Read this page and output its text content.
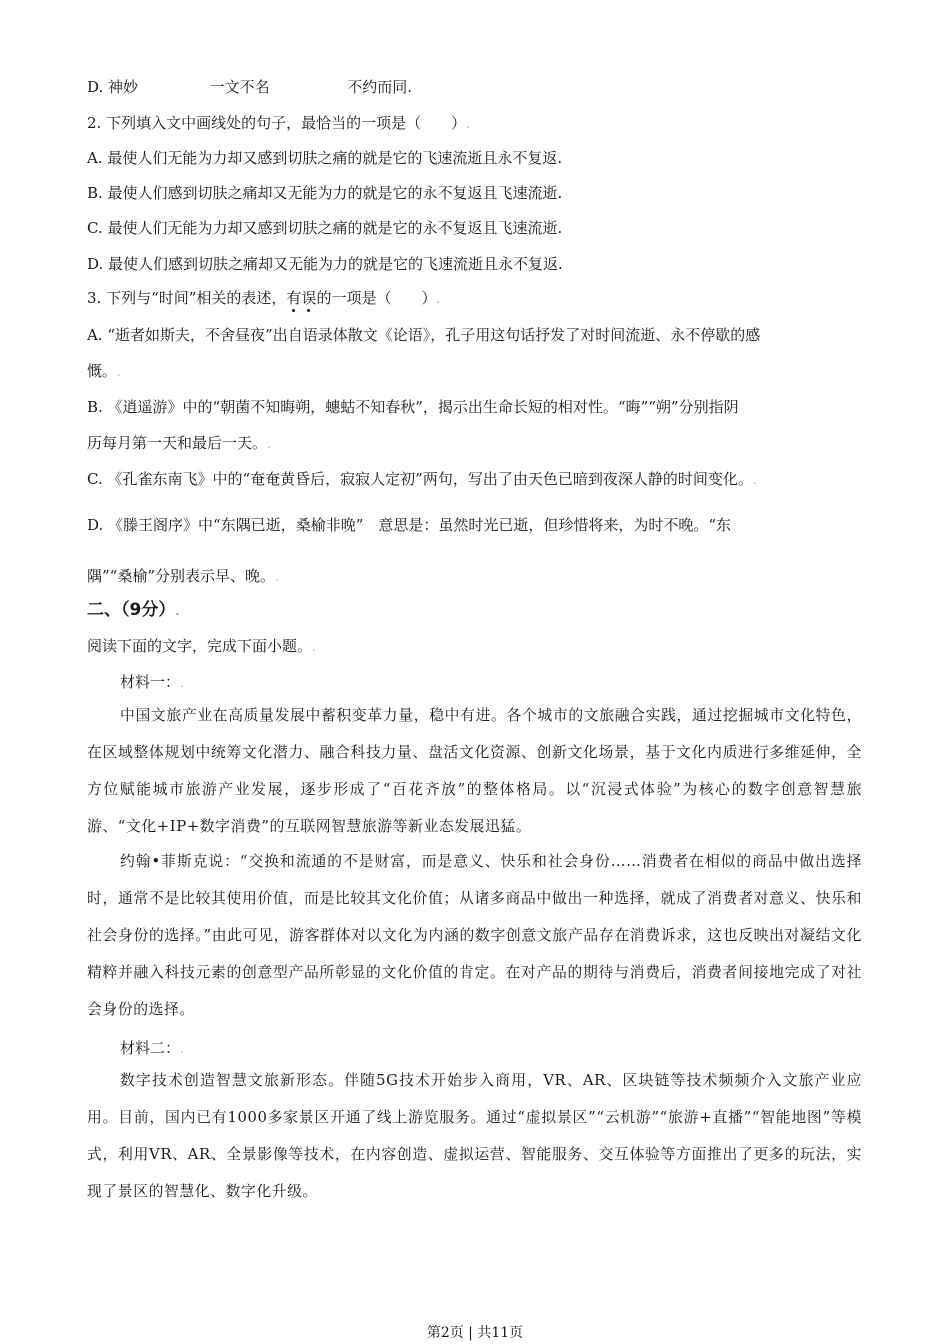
D. 神妙	一文不名	不约而同.
2. 下列填入文中画线处的句子，最恰当的一项是（　　）.
A. 最使人们无能为力却又感到切肤之痛的就是它的飞速流逝且永不复返.
B. 最使人们感到切肤之痛却又无能为力的就是它的永不复返且飞速流逝.
C. 最使人们无能为力却又感到切肤之痛的就是它的永不复返且飞速流逝.
D. 最使人们感到切肤之痛却又无能为力的就是它的飞速流逝且永不复返.
3. 下列与“时间”相关的表述，有误的一项是（　　）.
A. “逝者如斯夫，不舍昼夜”出自语录体散文《论语》，孔子用这句话抒发了对时间流逝、永不停歇的感
慨。.
B. 《逍遥游》中的“朝菌不知晦朔，蟪蛄不知春秋”，揭示出生命长短的相对性。“晦”“朔”分别指阴
历每月第一天和最后一天。.
C. 《孔雀东南飞》中的“奄奄黄昏后，寂寂人定初”两句，写出了由天色已暗到夜深人静的时间变化。.
D. 《滕王阁序》中“东隅已逝，桑榆非晚”　意思是：虽然时光已逝，但珍惜将来，为时不晚。“东
隅”“桑榆”分别表示早、晚。.
二、（9分）.
阅读下面的文字，完成下面小题。.
材料一：.
中国文旅产业在高质量发展中蓄积变革力量，稳中有进。各个城市的文旅融合实践，通过挖掘城市文化特色，在区域整体规划中统筹文化潜力、融合科技力量、盘活文化资源、创新文化场景，基于文化内质进行多维延伸，全方位赋能城市旅游产业发展，逐步形成了“百花齐放”的整体格局。以“沉浸式体验”为核心的数字创意智慧旅游、“文化+IP+数字消费”的互联网智慧旅游等新业态发展迅猛。
约翰•菲斯克说：“交换和流通的不是财富，而是意义、快乐和社会身份……消费者在相似的商品中做出选择时，通常不是比较其使用价值，而是比较其文化价值；从诸多商品中做出一种选择，就成了消费者对意义、快乐和社会身份的选择。”由此可见，游客群体对以文化为内涵的数字创意文旅产品存在消费诉求，这也反映出对凝结文化精粹并融入科技元素的创意型产品所彰显的文化价值的肯定。在对产品的期待与消费后，消费者间接地完成了对社会身份的选择。
材料二：.
数字技术创造智慧文旅新形态。伴随5G技术开始步入商用，VR、AR、区块链等技术频频介入文旅产业应用。目前，国内已有1000多家景区开通了线上游览服务。通过“虚拟景区”“云机游”“旅游+直播”“智能地图”等模式，利用VR、AR、全景影像等技术，在内容创造、虚拟运营、智能服务、交互体验等方面推出了更多的玩法，实现了景区的智慧化、数字化升级。
第2页 | 共11页
